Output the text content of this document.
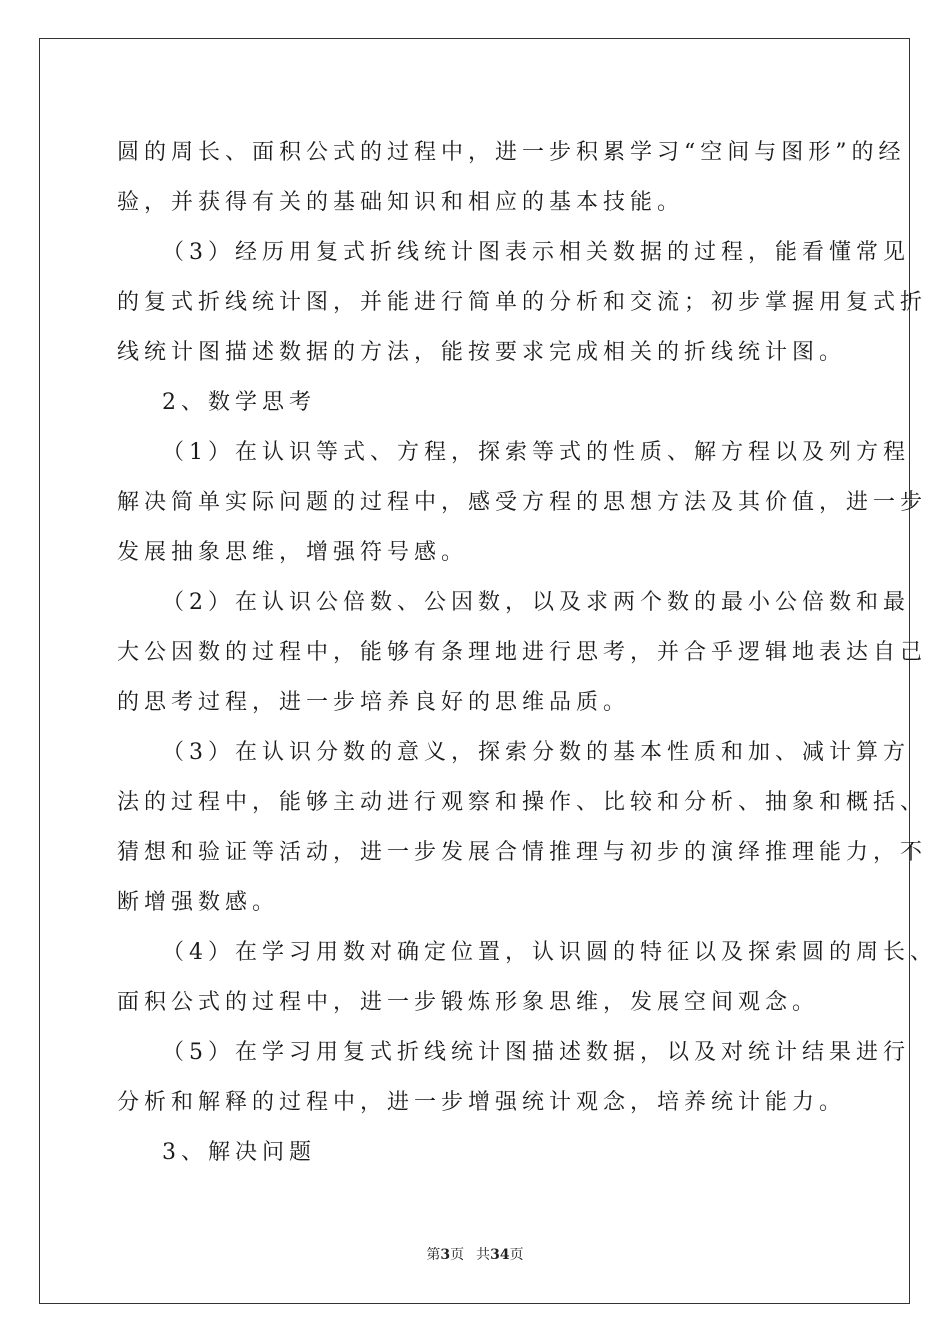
圆的周长、面积公式的过程中，进一步积累学习“空间与图形”的经
验，并获得有关的基础知识和相应的基本技能。
（3）经历用复式折线统计图表示相关数据的过程，能看懂常见
的复式折线统计图，并能进行简单的分析和交流；初步掌握用复式折
线统计图描述数据的方法，能按要求完成相关的折线统计图。
2、数学思考
（1）在认识等式、方程，探索等式的性质、解方程以及列方程
解决简单实际问题的过程中，感受方程的思想方法及其价值，进一步
发展抽象思维，增强符号感。
（2）在认识公倍数、公因数，以及求两个数的最小公倍数和最
大公因数的过程中，能够有条理地进行思考，并合乎逻辑地表达自己
的思考过程，进一步培养良好的思维品质。
（3）在认识分数的意义，探索分数的基本性质和加、减计算方
法的过程中，能够主动进行观察和操作、比较和分析、抽象和概括、
猜想和验证等活动，进一步发展合情推理与初步的演绎推理能力，不
断增强数感。
（4）在学习用数对确定位置，认识圆的特征以及探索圆的周长、
面积公式的过程中，进一步锻炼形象思维，发展空间观念。
（5）在学习用复式折线统计图描述数据，以及对统计结果进行
分析和解释的过程中，进一步增强统计观念，培养统计能力。
3、解决问题
第3页 共34页
